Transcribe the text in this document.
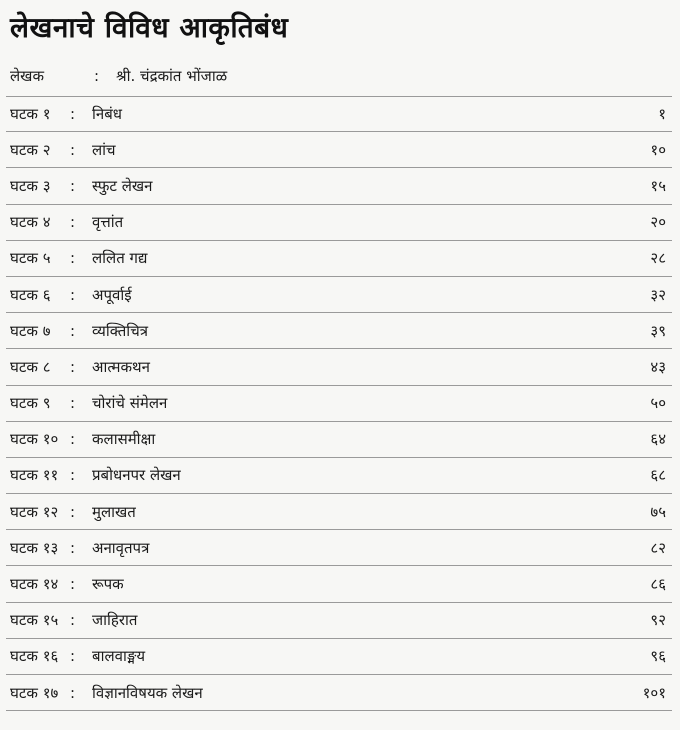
लेखनाचे विविध आकृतिबंध
लेखक	:	श्री. चंद्रकांत भोंजाळ
घटक १	:	निबंध	१
घटक २	:	लांच	१०
घटक ३	:	स्फुट लेखन	१५
घटक ४	:	वृत्तांत	२०
घटक ५	:	ललित गद्य	२८
घटक ६	:	अपूर्वाई	३२
घटक ७	:	व्यक्तिचित्र	३९
घटक ८	:	आत्मकथन	४३
घटक ९	:	चोरांचे संमेलन	५०
घटक १० :	कलासमीक्षा	६४
घटक ११ :	प्रबोधनपर लेखन	६८
घटक १२ :	मुलाखत	७५
घटक १३ :	अनावृतपत्र	८२
घटक १४ :	रूपक	८६
घटक १५ :	जाहिरात	९२
घटक १६ :	बालवाङ्मय	९६
घटक १७ :	विज्ञानविषयक लेखन	१०१
